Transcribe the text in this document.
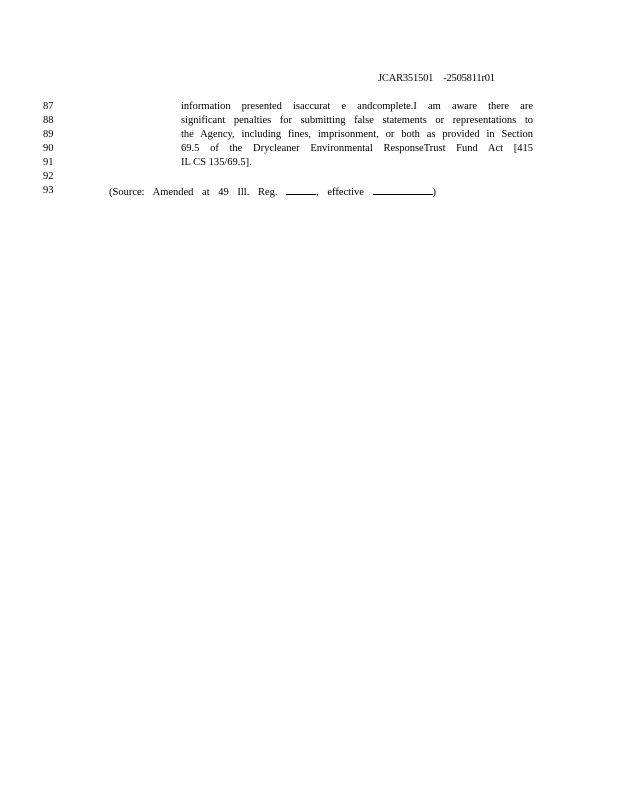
JCAR351501 -2505811r01
87	information presented isaccurat e andcomplete.I am aware there are
88	significant penalties for submitting false statements or representations to
89	the Agency, including fines, imprisonment, or both as provided in Section
90	69.5 of the Drycleaner Environmental ResponseTrust Fund Act [415
91	IL CS 135/69.5].
92
93	(Source: Amended at 49 Ill. Reg.	, effective	)
